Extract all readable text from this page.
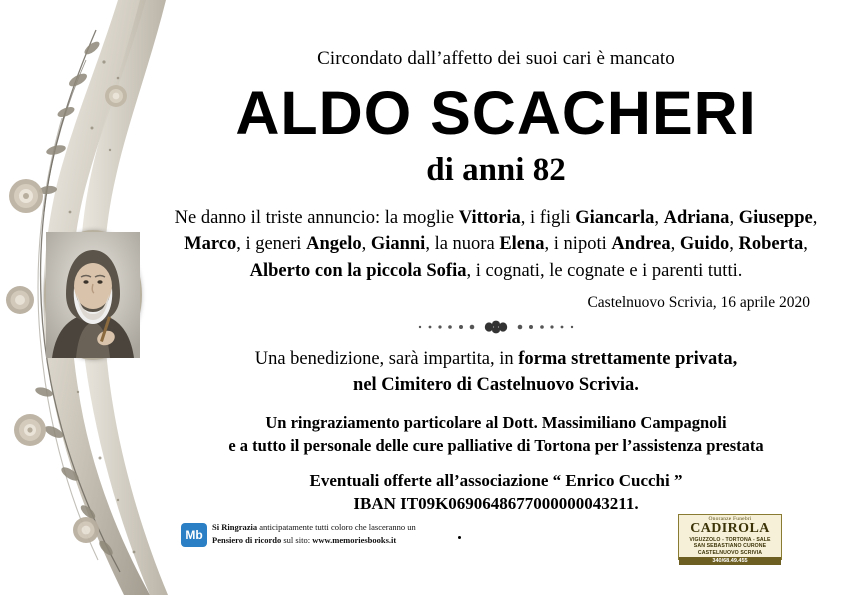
Circondato dall’affetto dei suoi cari è mancato
ALDO SCACHERI
di anni 82
Ne danno il triste annuncio: la moglie Vittoria, i figli Giancarla, Adriana, Giuseppe, Marco, i generi Angelo, Gianni, la nuora Elena, i nipoti Andrea, Guido, Roberta, Alberto con la piccola Sofia, i cognati, le cognate e i parenti tutti.
Castelnuovo Scrivia, 16 aprile 2020
Una benedizione, sarà impartita, in forma strettamente privata,
nel Cimitero di Castelnuovo Scrivia.
Un ringraziamento particolare al Dott. Massimiliano Campagnoli
e a tutto il personale delle cure palliative di Tortona per l’assistenza prestata
Eventuali offerte all’associazione “ Enrico Cucchi ”
IBAN IT09K0690648677000000043211.
Mb
Si Ringrazia anticipatamente tutti coloro che lasceranno un
Pensiero di ricordo sul sito: www.memoriesbooks.it
Onoranze Funebri
CADIROLA
VIGUZZOLO - TORTONA - SALE
SAN SEBASTIANO CURONE
CASTELNUOVO SCRIVIA
340/68.49.455
